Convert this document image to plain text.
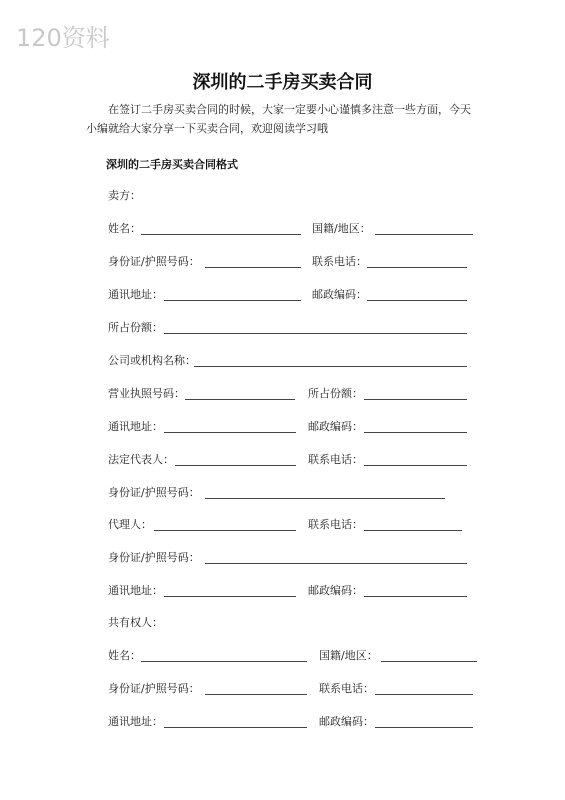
120资料
深圳的二手房买卖合同

在签订二手房买卖合同的时候，大家一定要小心谨慎多注意一些方面，今天小编就给大家分享一下买卖合同，欢迎阅读学习哦

深圳的二手房买卖合同格式
卖方：
姓名：	国籍/地区：
身份证/护照号码：	联系电话：
通讯地址：	邮政编码：
所占份额：
公司或机构名称：
营业执照号码：	所占份额：
通讯地址：	邮政编码：
法定代表人：	联系电话：
身份证/护照号码：
代理人：	联系电话：
身份证/护照号码：
通讯地址：	邮政编码：
共有权人：
姓名：	国籍/地区：
身份证/护照号码：	联系电话：
通讯地址：	邮政编码：
